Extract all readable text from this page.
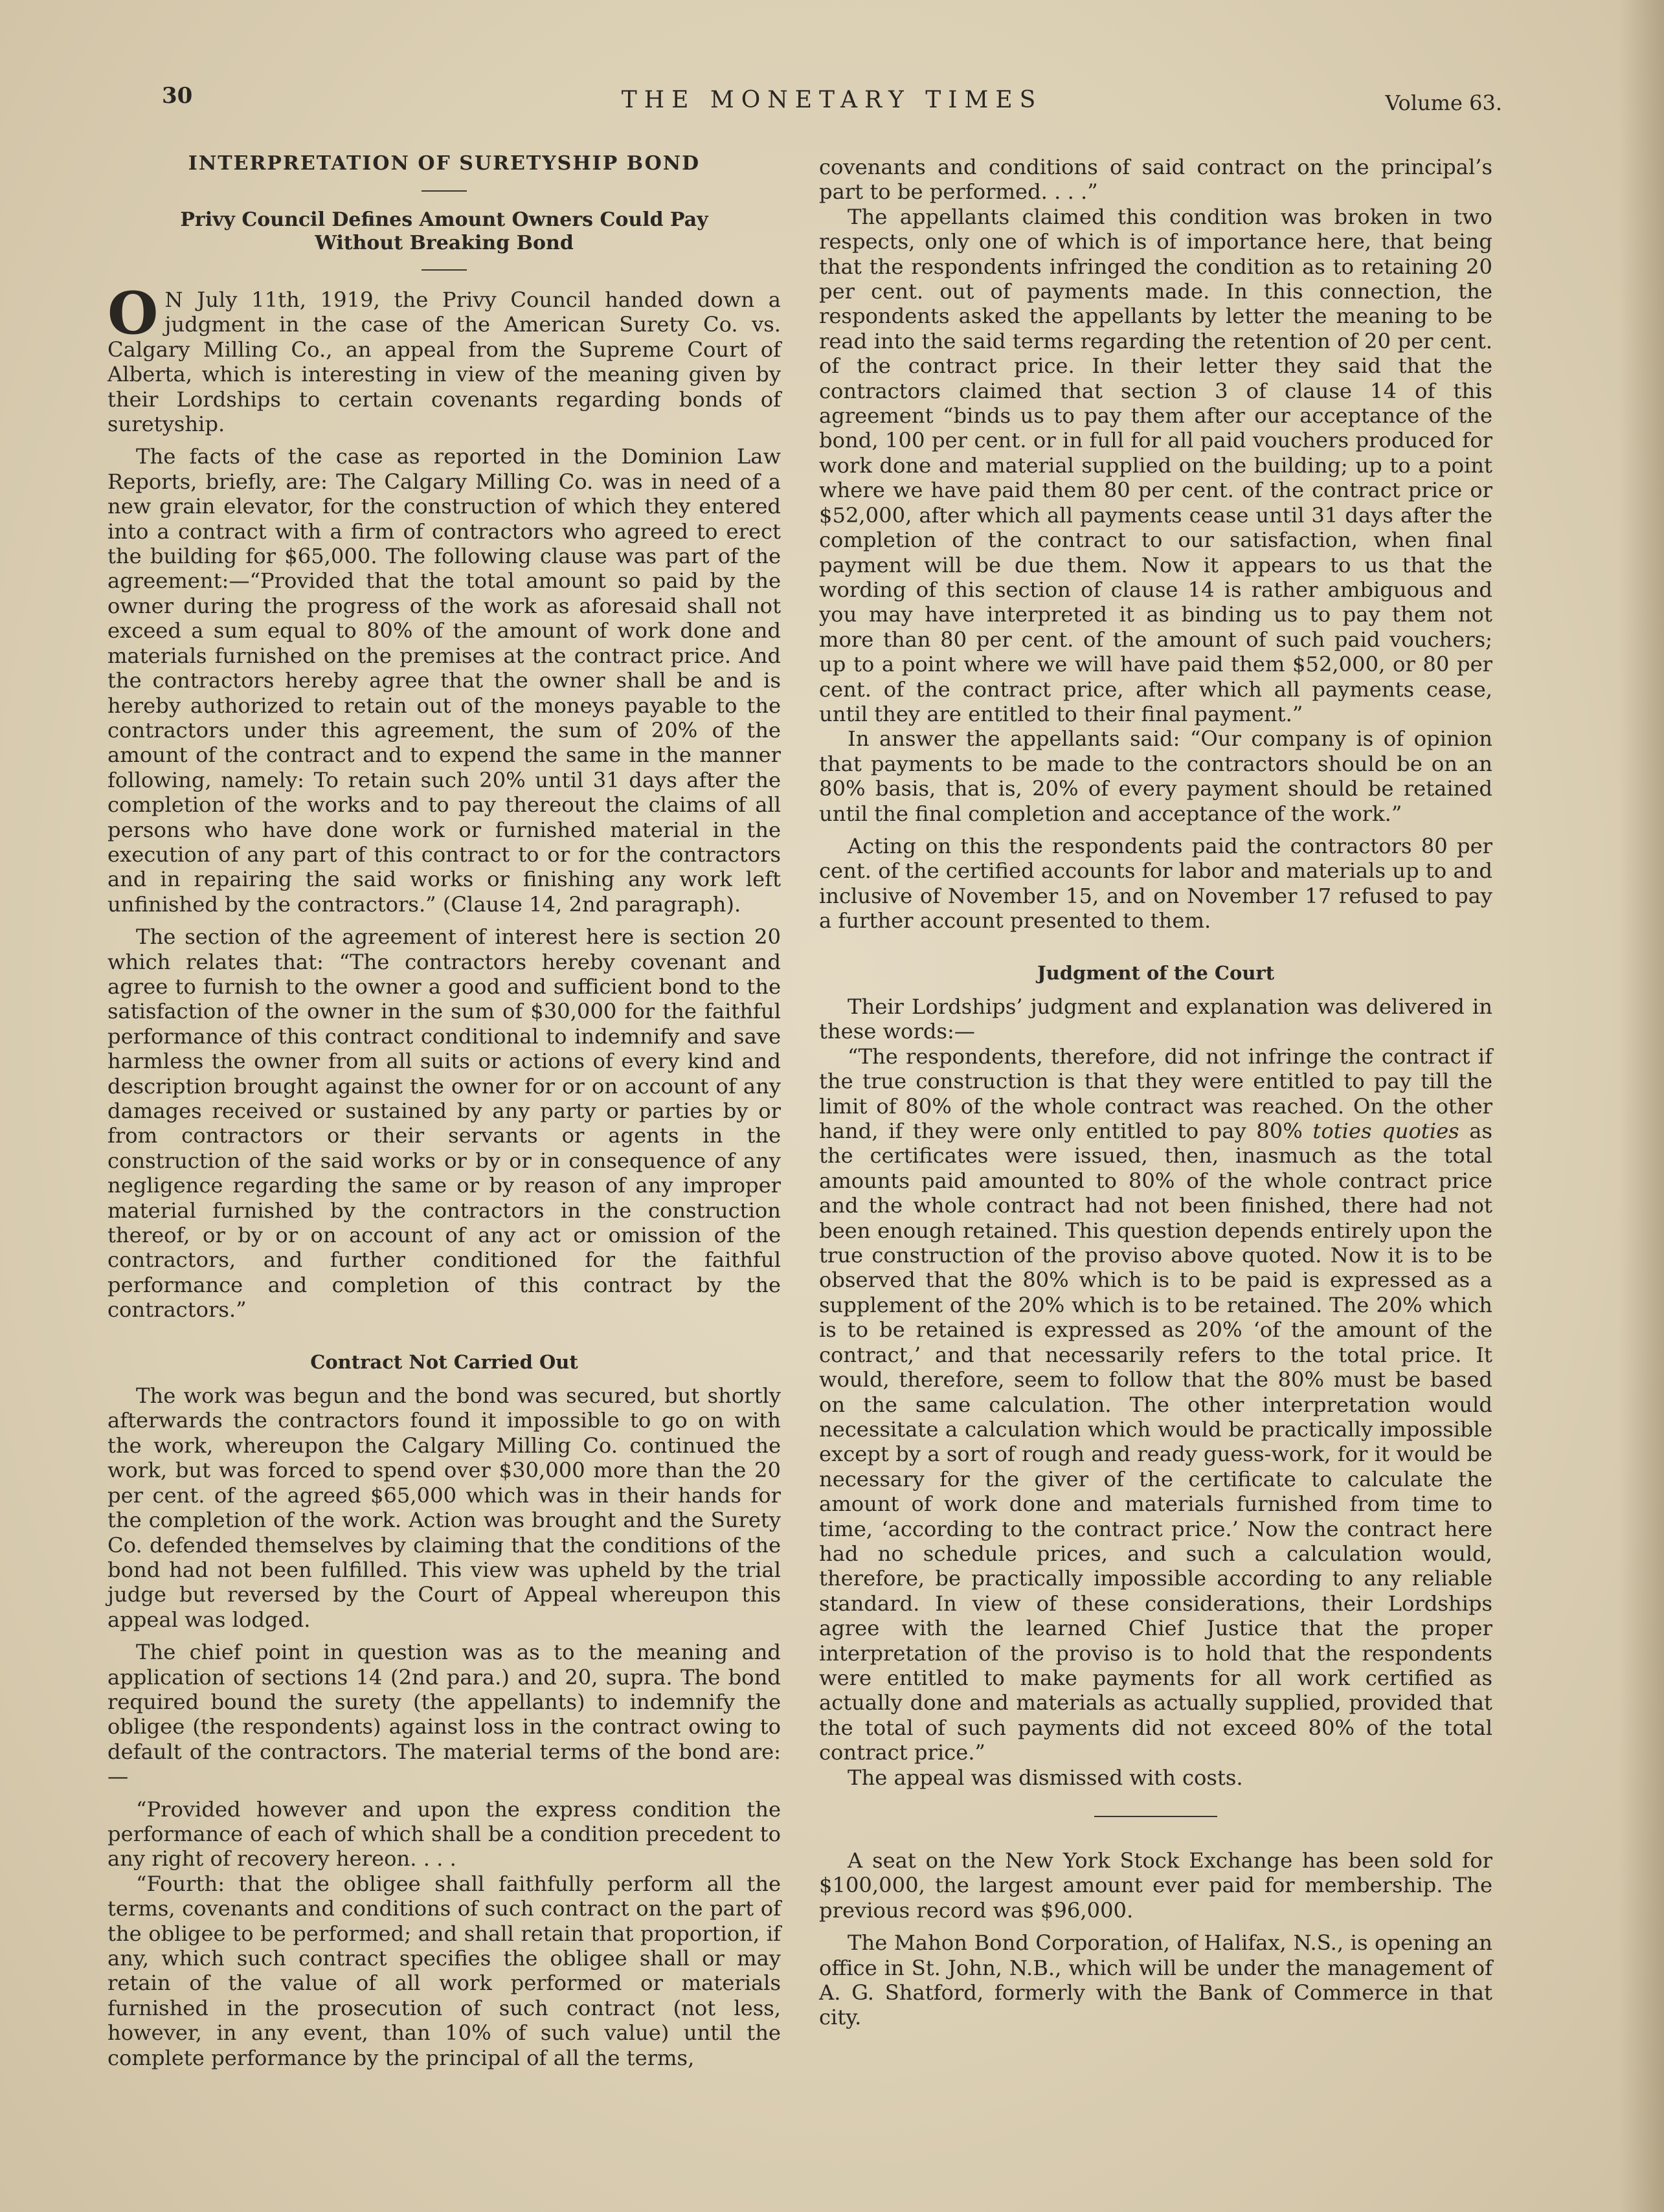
30	THE MONETARY TIMES	Volume 63.
INTERPRETATION OF SURETYSHIP BOND
Privy Council Defines Amount Owners Could Pay
Without Breaking Bond

O N July 11th, 1919, the Privy Council handed down a judgment in the case of the American Surety Co. vs. Calgary Milling Co., an appeal from the Supreme Court of Alberta, which is interesting in view of the meaning given by their Lordships to certain covenants regarding bonds of suretyship.

The facts of the case as reported in the Dominion Law Reports, briefly, are: The Calgary Milling Co. was in need of a new grain elevator, for the construction of which they entered into a contract with a firm of contractors who agreed to erect the building for $65,000. The following clause was part of the agreement:—“Provided that the total amount so paid by the owner during the progress of the work as aforesaid shall not exceed a sum equal to 80% of the amount of work done and materials furnished on the premises at the contract price. And the contractors hereby agree that the owner shall be and is hereby authorized to retain out of the moneys payable to the contractors under this agreement, the sum of 20% of the amount of the contract and to expend the same in the manner following, namely: To retain such 20% until 31 days after the completion of the works and to pay thereout the claims of all persons who have done work or furnished material in the execution of any part of this contract to or for the contractors and in repairing the said works or finishing any work left unfinished by the contractors.” (Clause 14, 2nd paragraph).

The section of the agreement of interest here is section 20 which relates that: “The contractors hereby covenant and agree to furnish to the owner a good and sufficient bond to the satisfaction of the owner in the sum of $30,000 for the faithful performance of this contract conditional to indemnify and save harmless the owner from all suits or actions of every kind and description brought against the owner for or on account of any damages received or sustained by any party or parties by or from contractors or their servants or agents in the construction of the said works or by or in consequence of any negligence regarding the same or by reason of any improper material furnished by the contractors in the construction thereof, or by or on account of any act or omission of the contractors, and further conditioned for the faithful performance and completion of this contract by the contractors.”

Contract Not Carried Out

The work was begun and the bond was secured, but shortly afterwards the contractors found it impossible to go on with the work, whereupon the Calgary Milling Co. continued the work, but was forced to spend over $30,000 more than the 20 per cent. of the agreed $65,000 which was in their hands for the completion of the work. Action was brought and the Surety Co. defended themselves by claiming that the conditions of the bond had not been fulfilled. This view was upheld by the trial judge but reversed by the Court of Appeal whereupon this appeal was lodged.

The chief point in question was as to the meaning and application of sections 14 (2nd para.) and 20, supra. The bond required bound the surety (the appellants) to indemnify the obligee (the respondents) against loss in the contract owing to default of the contractors. The material terms of the bond are:—

“Provided however and upon the express condition the performance of each of which shall be a condition precedent to any right of recovery hereon. . . .

“Fourth: that the obligee shall faithfully perform all the terms, covenants and conditions of such contract on the part of the obligee to be performed; and shall retain that proportion, if any, which such contract specifies the obligee shall or may retain of the value of all work performed or materials furnished in the prosecution of such contract (not less, however, in any event, than 10% of such value) until the complete performance by the principal of all the terms,

covenants and conditions of said contract on the principal’s part to be performed. . . .”

The appellants claimed this condition was broken in two respects, only one of which is of importance here, that being that the respondents infringed the condition as to retaining 20 per cent. out of payments made. In this connection, the respondents asked the appellants by letter the meaning to be read into the said terms regarding the retention of 20 per cent. of the contract price. In their letter they said that the contractors claimed that section 3 of clause 14 of this agreement “binds us to pay them after our acceptance of the bond, 100 per cent. or in full for all paid vouchers produced for work done and material supplied on the building; up to a point where we have paid them 80 per cent. of the contract price or $52,000, after which all payments cease until 31 days after the completion of the contract to our satisfaction, when final payment will be due them. Now it appears to us that the wording of this section of clause 14 is rather ambiguous and you may have interpreted it as binding us to pay them not more than 80 per cent. of the amount of such paid vouchers; up to a point where we will have paid them $52,000, or 80 per cent. of the contract price, after which all payments cease, until they are entitled to their final payment.”

In answer the appellants said: “Our company is of opinion that payments to be made to the contractors should be on an 80% basis, that is, 20% of every payment should be retained until the final completion and acceptance of the work.”

Acting on this the respondents paid the contractors 80 per cent. of the certified accounts for labor and materials up to and inclusive of November 15, and on November 17 refused to pay a further account presented to them.

Judgment of the Court

Their Lordships’ judgment and explanation was delivered in these words:—

“The respondents, therefore, did not infringe the contract if the true construction is that they were entitled to pay till the limit of 80% of the whole contract was reached. On the other hand, if they were only entitled to pay 80% toties quoties as the certificates were issued, then, inasmuch as the total amounts paid amounted to 80% of the whole contract price and the whole contract had not been finished, there had not been enough retained. This question depends entirely upon the true construction of the proviso above quoted. Now it is to be observed that the 80% which is to be paid is expressed as a supplement of the 20% which is to be retained. The 20% which is to be retained is expressed as 20% ‘of the amount of the contract,’ and that necessarily refers to the total price. It would, therefore, seem to follow that the 80% must be based on the same calculation. The other interpretation would necessitate a calculation which would be practically impossible except by a sort of rough and ready guess-work, for it would be necessary for the giver of the certificate to calculate the amount of work done and materials furnished from time to time, ‘according to the contract price.’ Now the contract here had no schedule prices, and such a calculation would, therefore, be practically impossible according to any reliable standard. In view of these considerations, their Lordships agree with the learned Chief Justice that the proper interpretation of the proviso is to hold that the respondents were entitled to make payments for all work certified as actually done and materials as actually supplied, provided that the total of such payments did not exceed 80% of the total contract price.”

The appeal was dismissed with costs.

A seat on the New York Stock Exchange has been sold for $100,000, the largest amount ever paid for membership. The previous record was $96,000.

The Mahon Bond Corporation, of Halifax, N.S., is opening an office in St. John, N.B., which will be under the management of A. G. Shatford, formerly with the Bank of Commerce in that city.
